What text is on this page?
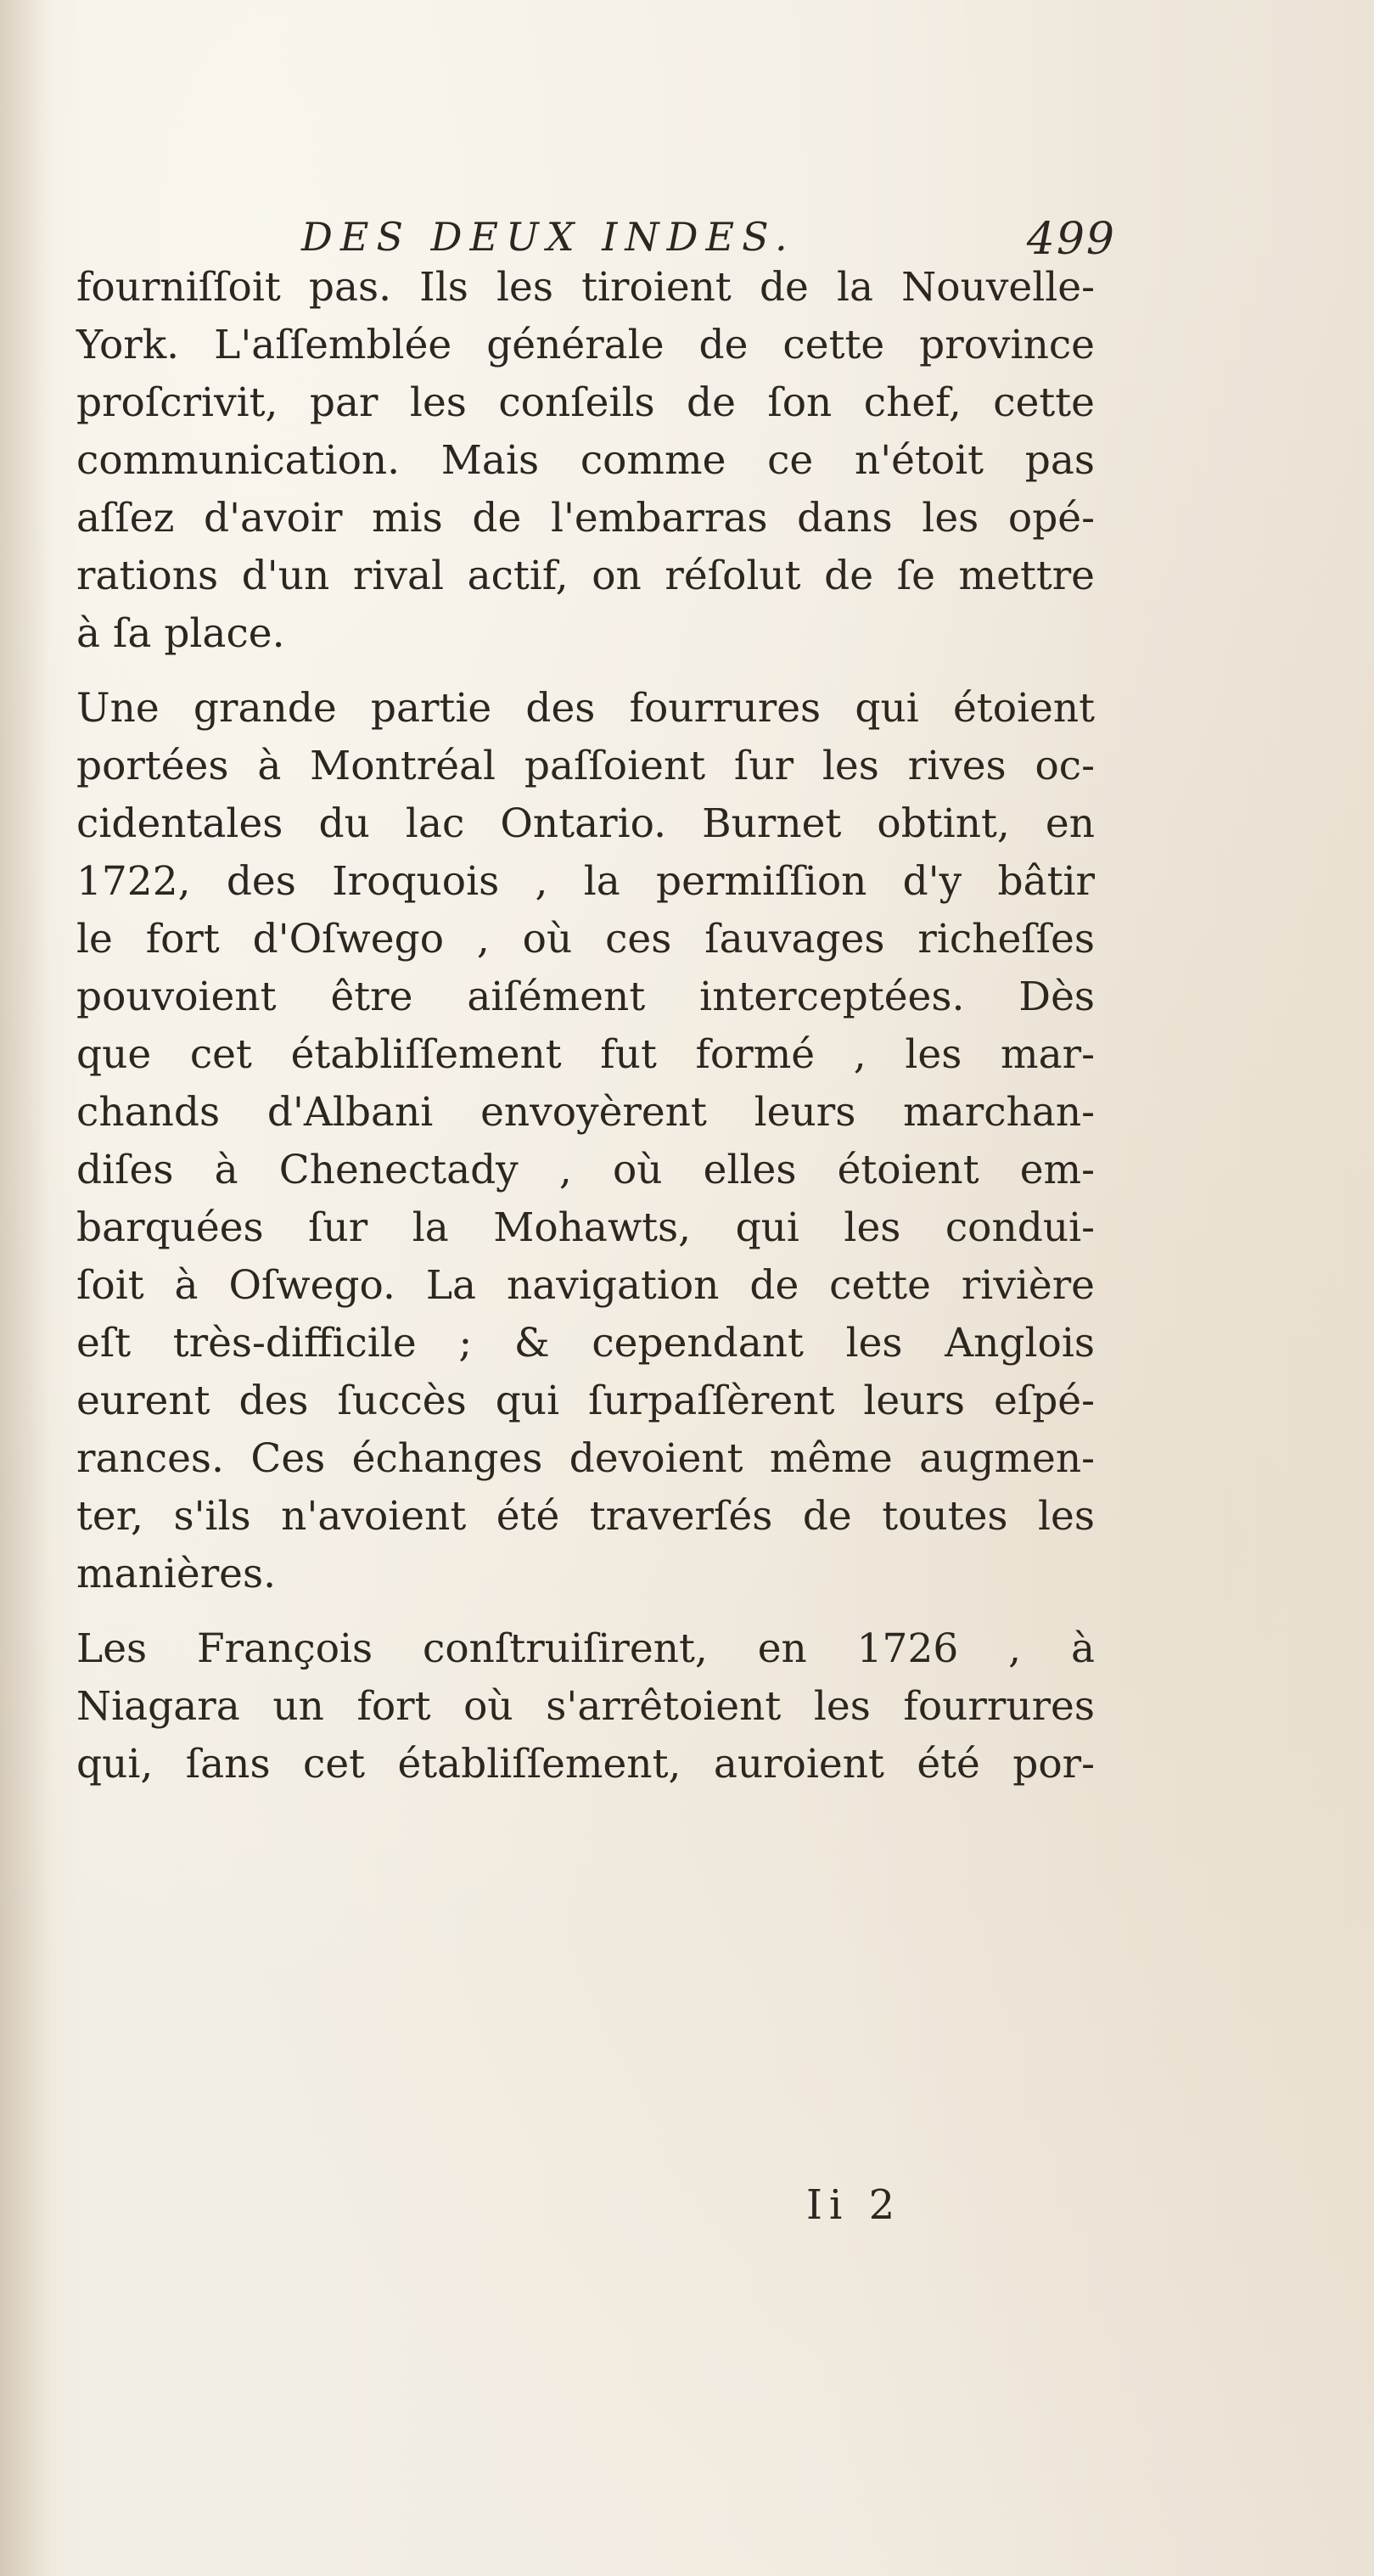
DES DEUX INDES.	499

fourniſſoit pas. Ils les tiroient de la Nouvelle-
York. L'aſſemblée générale de cette province
proſcrivit, par les conſeils de ſon chef, cette
communication. Mais comme ce n'étoit pas
aſſez d'avoir mis de l'embarras dans les opé-
rations d'un rival actif, on réſolut de ſe mettre
à ſa place.

Une grande partie des fourrures qui étoient
portées à Montréal paſſoient ſur les rives oc-
cidentales du lac Ontario. Burnet obtint, en
1722, des Iroquois , la permiſſion d'y bâtir
le fort d'Oſwego , où ces ſauvages richeſſes
pouvoient être aiſément interceptées. Dès
que cet établiſſement fut formé , les mar-
chands d'Albani envoyèrent leurs marchan-
diſes à Chenectady , où elles étoient em-
barquées ſur la Mohawts, qui les condui-
ſoit à Oſwego. La navigation de cette rivière
eſt très-difficile ; & cependant les Anglois
eurent des ſuccès qui ſurpaſſèrent leurs eſpé-
rances. Ces échanges devoient même augmen-
ter, s'ils n'avoient été traverſés de toutes les
manières.

Les François conſtruiſirent, en 1726 , à
Niagara un fort où s'arrêtoient les fourrures
qui, ſans cet établiſſement, auroient été por-

Ii 2
